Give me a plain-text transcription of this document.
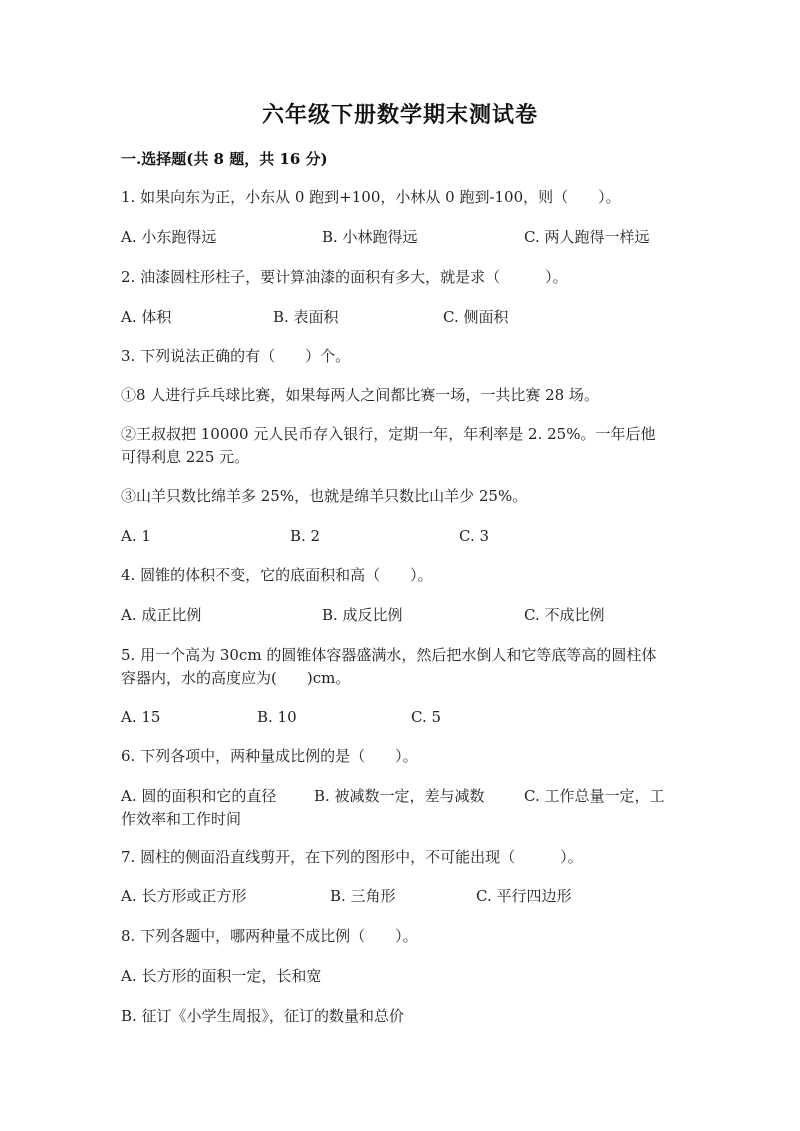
六年级下册数学期末测试卷
一.选择题(共 8 题，共 16 分)
1. 如果向东为正，小东从 0 跑到+100，小林从 0 跑到-100，则（　　）。
A. 小东跑得远	B. 小林跑得远	C. 两人跑得一样远
2. 油漆圆柱形柱子，要计算油漆的面积有多大，就是求（　　　）。
A. 体积	B. 表面积	C. 侧面积
3. 下列说法正确的有（　　）个。
①8 人进行乒乓球比赛，如果每两人之间都比赛一场，一共比赛 28 场。
②王叔叔把 10000 元人民币存入银行，定期一年，年利率是 2. 25%。一年后他
可得利息 225 元。
③山羊只数比绵羊多 25%，也就是绵羊只数比山羊少 25%。
A. 1	B. 2	C. 3
4. 圆锥的体积不变，它的底面积和高（　　）。
A. 成正比例	B. 成反比例	C. 不成比例
5. 用一个高为 30cm 的圆锥体容器盛满水，然后把水倒人和它等底等高的圆柱体
容器内，水的高度应为(　　)cm。
A. 15	B. 10	C. 5
6. 下列各项中，两种量成比例的是（　　）。
A. 圆的面积和它的直径	B. 被减数一定，差与减数	C. 工作总量一定，工
作效率和工作时间
7. 圆柱的侧面沿直线剪开，在下列的图形中，不可能出现（　　　）。
A. 长方形或正方形	B. 三角形	C. 平行四边形
8. 下列各题中，哪两种量不成比例（　　）。
A. 长方形的面积一定，长和宽
B. 征订《小学生周报》，征订的数量和总价
